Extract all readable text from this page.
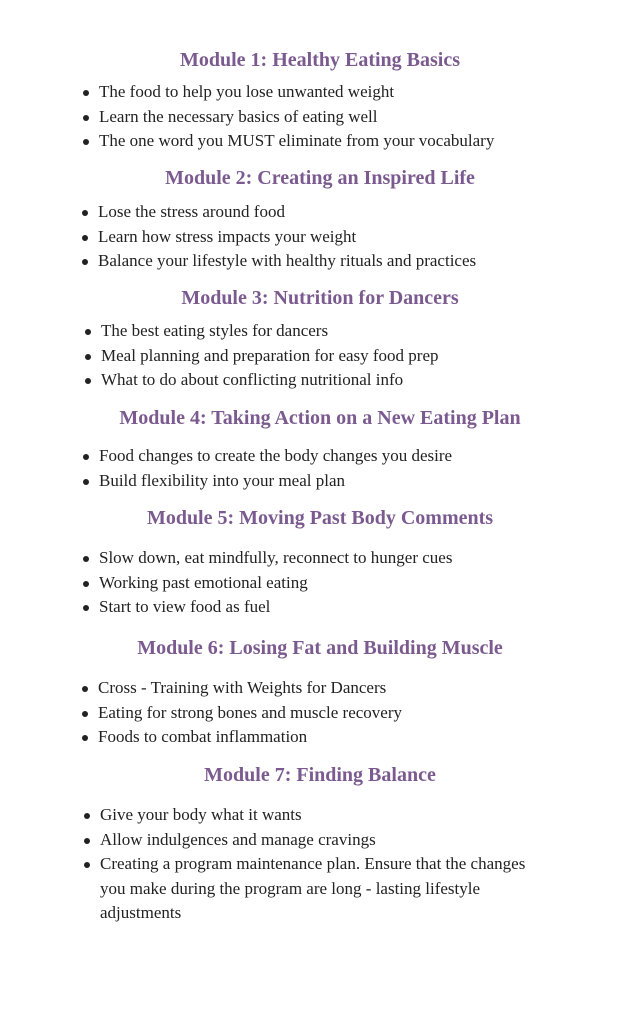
Module 1: Healthy Eating Basics
The food to help you lose unwanted weight
Learn the necessary basics of eating well
The one word you MUST eliminate from your vocabulary
Module 2: Creating an Inspired Life
Lose the stress around food
Learn how stress impacts your weight
Balance your lifestyle with healthy rituals and practices
Module 3: Nutrition for Dancers
The best eating styles for dancers
Meal planning and preparation for easy food prep
What to do about conflicting nutritional info
Module 4: Taking Action on a New Eating Plan
Food changes to create the body changes you desire
Build flexibility into your meal plan
Module 5: Moving Past Body Comments
Slow down, eat mindfully, reconnect to hunger cues
Working past emotional eating
Start to view food as fuel
Module 6: Losing Fat and Building Muscle
Cross - Training with Weights for Dancers
Eating for strong bones and muscle recovery
Foods to combat inflammation
Module 7: Finding Balance
Give your body what it wants
Allow indulgences and manage cravings
Creating a program maintenance plan. Ensure that the changes you make during the program are long - lasting lifestyle adjustments
